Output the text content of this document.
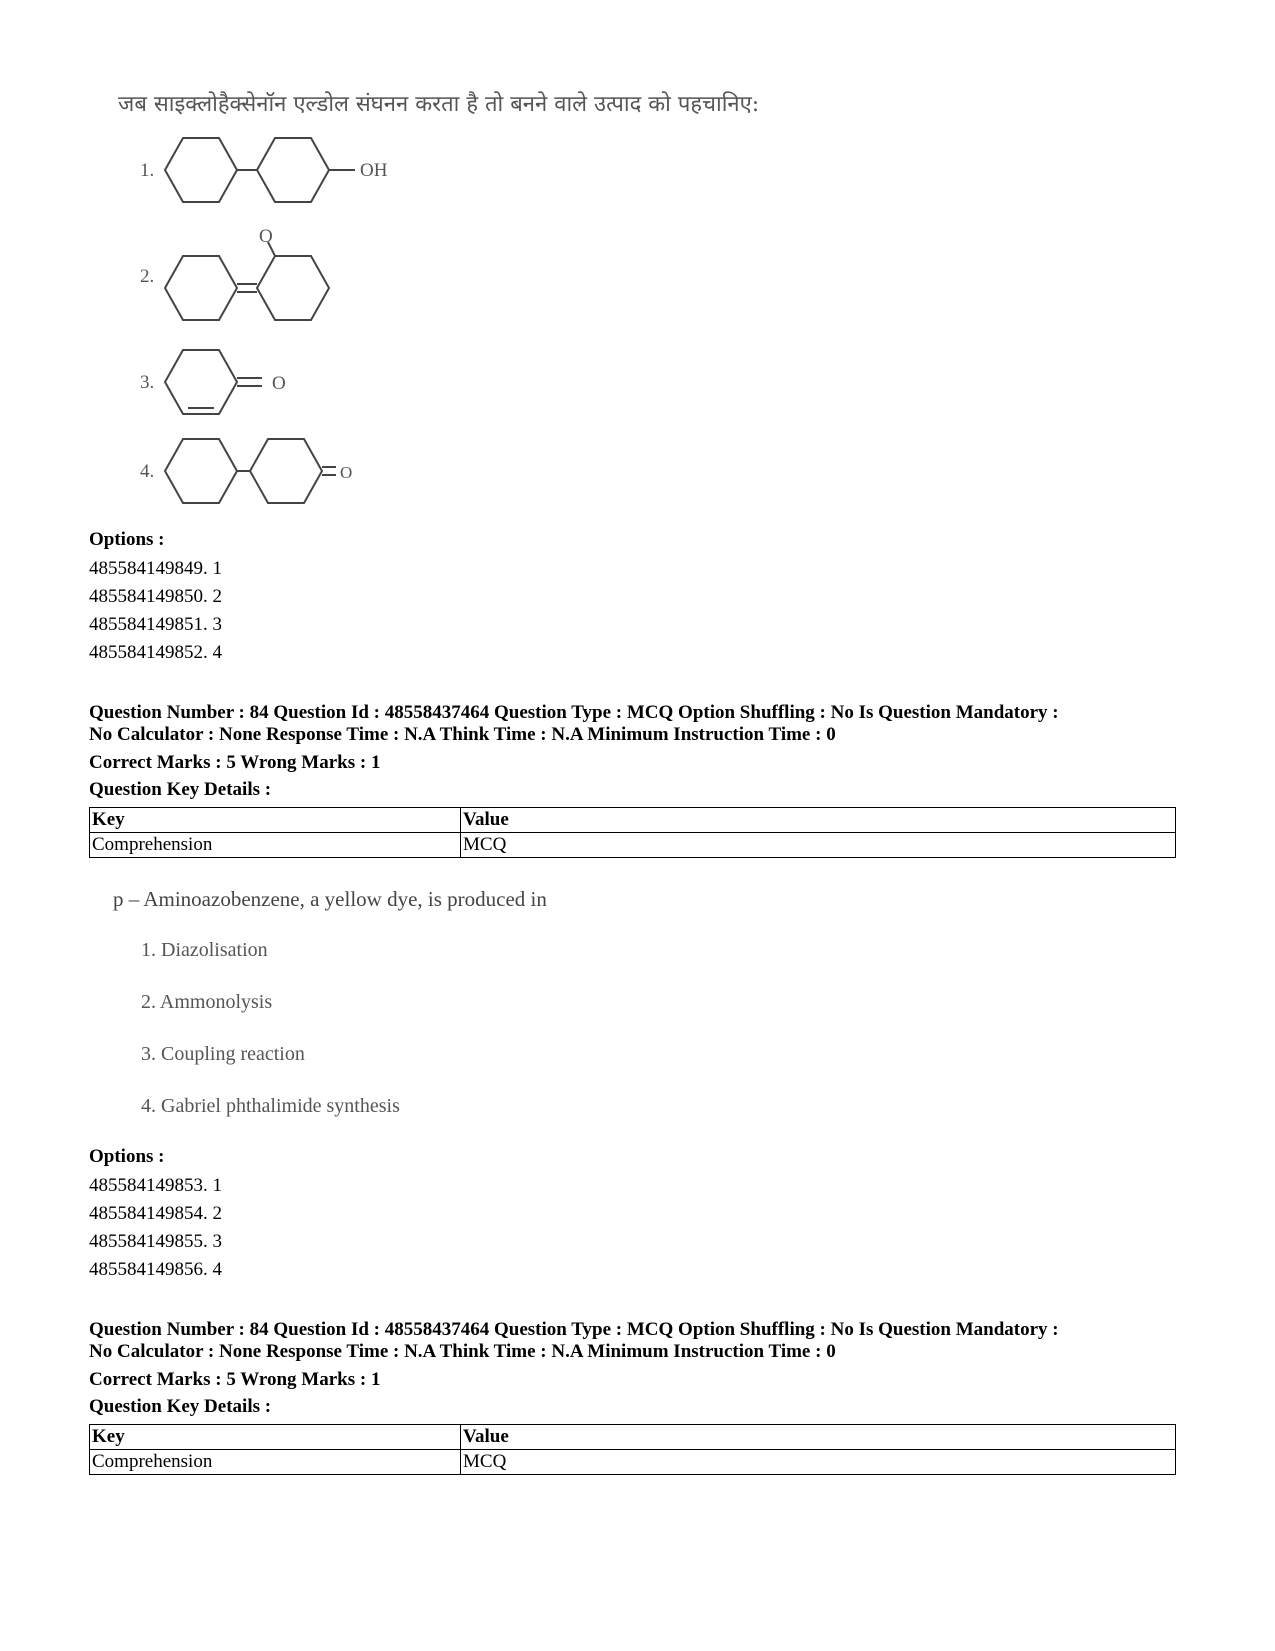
जब साइक्लोहैक्सेनॉन एल्डोल संघनन करता है तो बनने वाले उत्पाद को पहचानिए:
1.	OH
2.
O
3.	O
4.	O
Options :
485584149849. 1
485584149850. 2
485584149851. 3
485584149852. 4
Question Number : 84 Question Id : 48558437464 Question Type : MCQ Option Shuffling : No Is Question Mandatory :
No Calculator : None Response Time : N.A Think Time : N.A Minimum Instruction Time : 0
Correct Marks : 5 Wrong Marks : 1
Question Key Details :
Key	Value
Comprehension	MCQ
p – Aminoazobenzene, a yellow dye, is produced in
1. Diazolisation
2. Ammonolysis
3. Coupling reaction
4. Gabriel phthalimide synthesis
Options :
485584149853. 1
485584149854. 2
485584149855. 3
485584149856. 4
Question Number : 84 Question Id : 48558437464 Question Type : MCQ Option Shuffling : No Is Question Mandatory :
No Calculator : None Response Time : N.A Think Time : N.A Minimum Instruction Time : 0
Correct Marks : 5 Wrong Marks : 1
Question Key Details :
Key	Value
Comprehension	MCQ
